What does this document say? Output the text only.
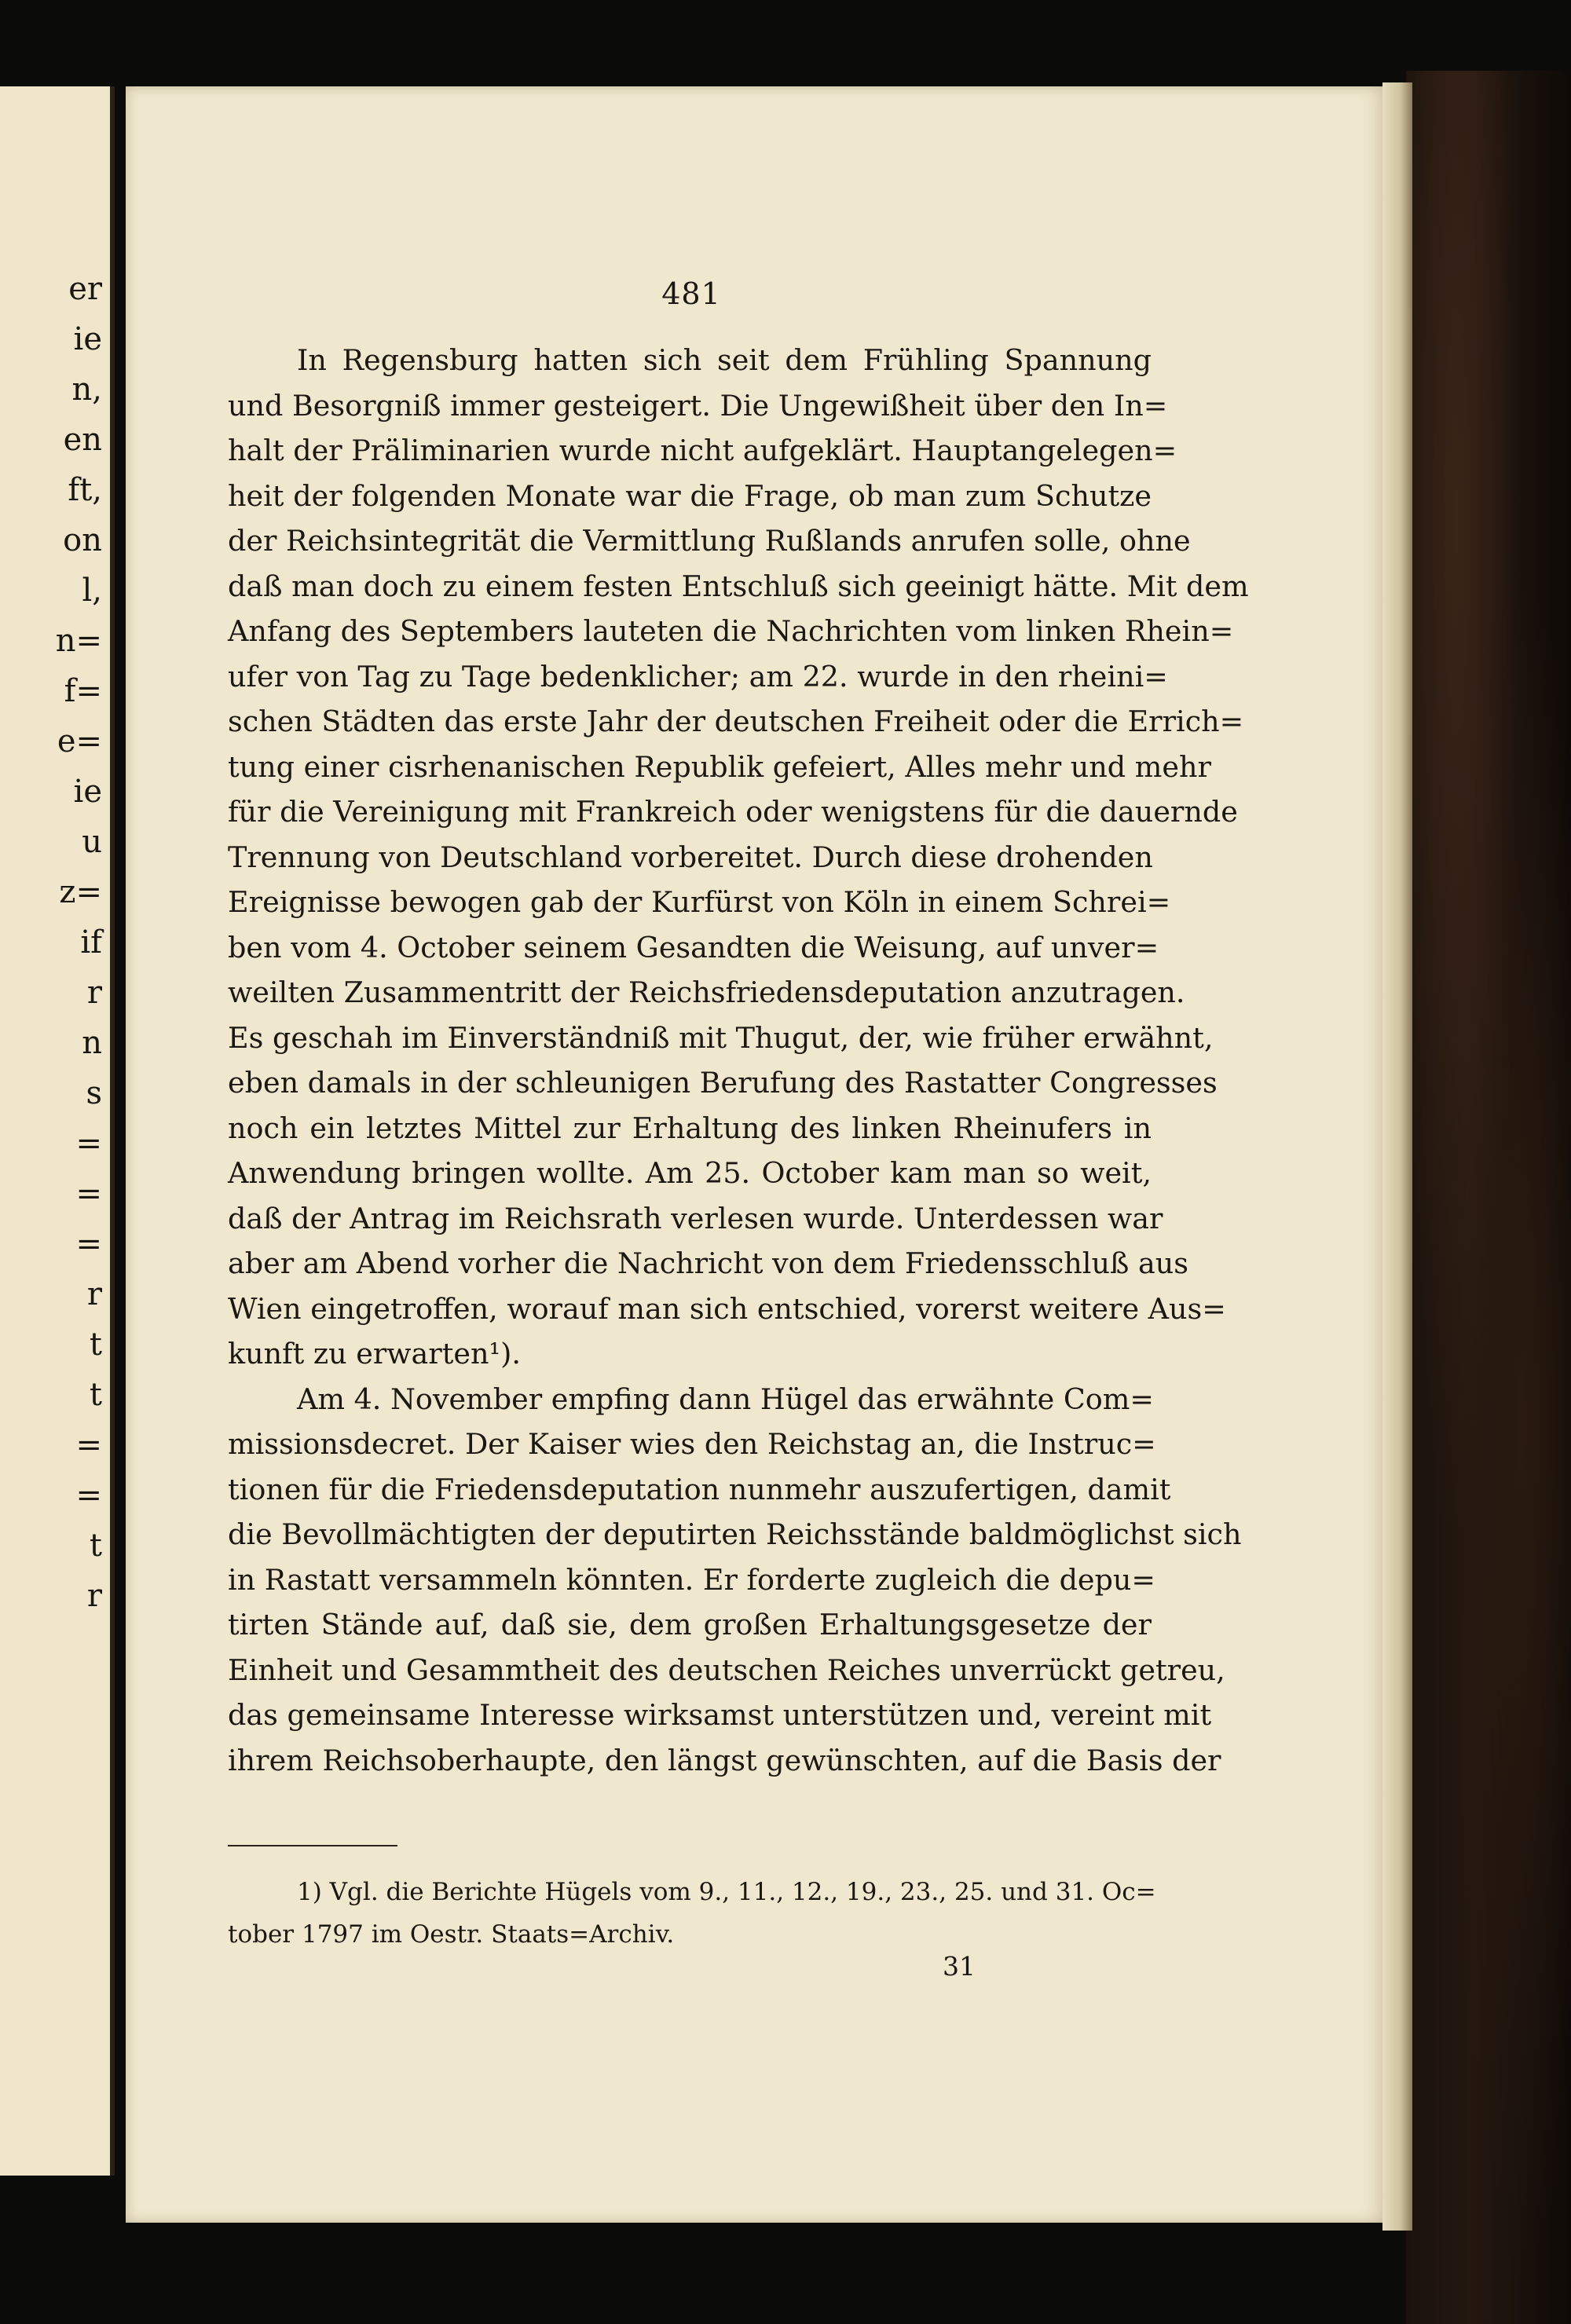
er
ie
n,
en
ft,
on
l,
n=
f=
e=
ie
u
z=
if
r
n
s
=
=
=
r
t
t
=
=
t
r
481
In Regensburg hatten sich seit dem Frühling Spannung
und Besorgniß immer gesteigert. Die Ungewißheit über den In=
halt der Präliminarien wurde nicht aufgeklärt. Hauptangelegen=
heit der folgenden Monate war die Frage, ob man zum Schutze
der Reichsintegrität die Vermittlung Rußlands anrufen solle, ohne
daß man doch zu einem festen Entschluß sich geeinigt hätte. Mit dem
Anfang des Septembers lauteten die Nachrichten vom linken Rhein=
ufer von Tag zu Tage bedenklicher; am 22. wurde in den rheini=
schen Städten das erste Jahr der deutschen Freiheit oder die Errich=
tung einer cisrhenanischen Republik gefeiert, Alles mehr und mehr
für die Vereinigung mit Frankreich oder wenigstens für die dauernde
Trennung von Deutschland vorbereitet. Durch diese drohenden
Ereignisse bewogen gab der Kurfürst von Köln in einem Schrei=
ben vom 4. October seinem Gesandten die Weisung, auf unver=
weilten Zusammentritt der Reichsfriedensdeputation anzutragen.
Es geschah im Einverständniß mit Thugut, der, wie früher erwähnt,
eben damals in der schleunigen Berufung des Rastatter Congresses
noch ein letztes Mittel zur Erhaltung des linken Rheinufers in
Anwendung bringen wollte. Am 25. October kam man so weit,
daß der Antrag im Reichsrath verlesen wurde. Unterdessen war
aber am Abend vorher die Nachricht von dem Friedensschluß aus
Wien eingetroffen, worauf man sich entschied, vorerst weitere Aus=
kunft zu erwarten¹).
Am 4. November empfing dann Hügel das erwähnte Com=
missionsdecret. Der Kaiser wies den Reichstag an, die Instruc=
tionen für die Friedensdeputation nunmehr auszufertigen, damit
die Bevollmächtigten der deputirten Reichsstände baldmöglichst sich
in Rastatt versammeln könnten. Er forderte zugleich die depu=
tirten Stände auf, daß sie, dem großen Erhaltungsgesetze der
Einheit und Gesammtheit des deutschen Reiches unverrückt getreu,
das gemeinsame Interesse wirksamst unterstützen und, vereint mit
ihrem Reichsoberhaupte, den längst gewünschten, auf die Basis der
1) Vgl. die Berichte Hügels vom 9., 11., 12., 19., 23., 25. und 31. Oc=
tober 1797 im Oestr. Staats=Archiv.
31
